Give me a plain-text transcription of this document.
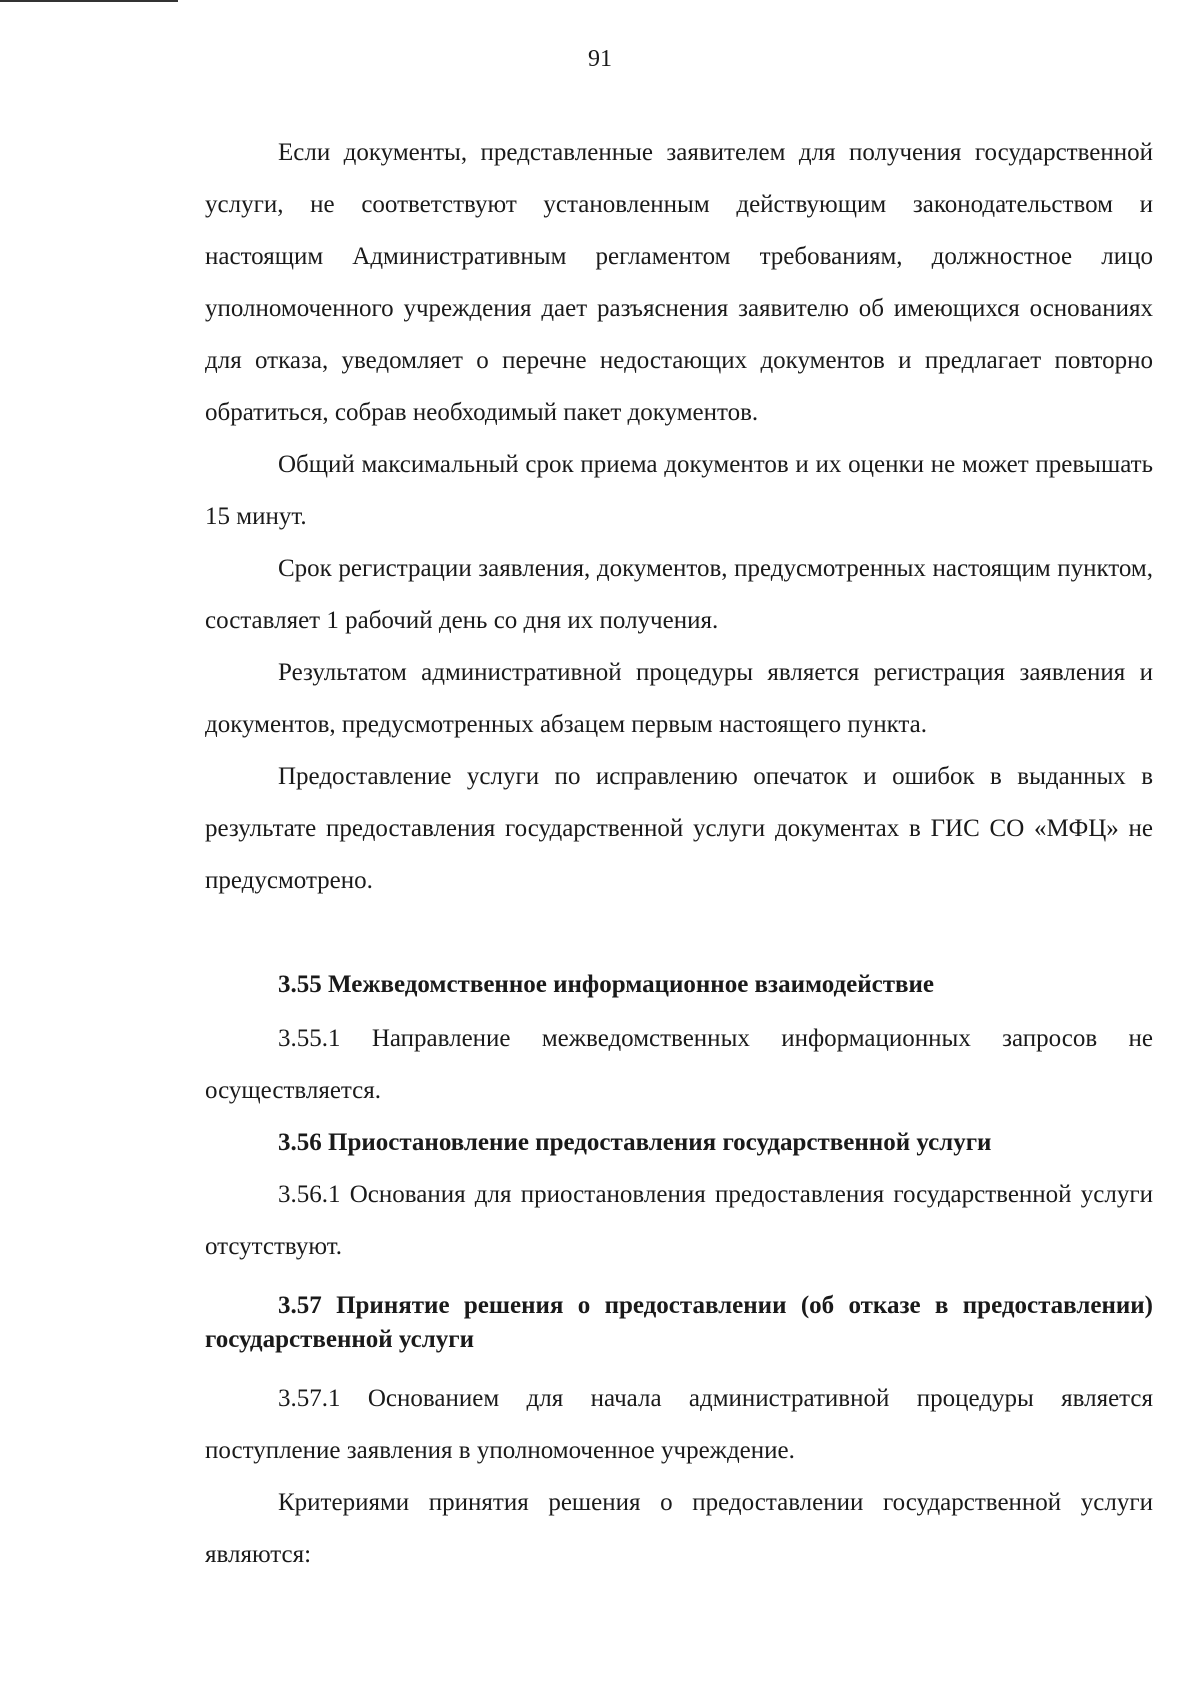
91

Если документы, представленные заявителем для получения государственной услуги, не соответствуют установленным действующим законодательством и настоящим Административным регламентом требованиям, должностное лицо уполномоченного учреждения дает разъяснения заявителю об имеющихся основаниях для отказа, уведомляет о перечне недостающих документов и предлагает повторно обратиться, собрав необходимый пакет документов.

Общий максимальный срок приема документов и их оценки не может превышать 15 минут.

Срок регистрации заявления, документов, предусмотренных настоящим пунктом, составляет 1 рабочий день со дня их получения.

Результатом административной процедуры является регистрация заявления и документов, предусмотренных абзацем первым настоящего пункта.

Предоставление услуги по исправлению опечаток и ошибок в выданных в результате предоставления государственной услуги документах в ГИС СО «МФЦ» не предусмотрено.

3.55 Межведомственное информационное взаимодействие

3.55.1 Направление межведомственных информационных запросов не осуществляется.

3.56 Приостановление предоставления государственной услуги

3.56.1 Основания для приостановления предоставления государственной услуги отсутствуют.

3.57 Принятие решения о предоставлении (об отказе в предоставлении) государственной услуги

3.57.1 Основанием для начала административной процедуры является поступление заявления в уполномоченное учреждение.

Критериями принятия решения о предоставлении государственной услуги являются:
